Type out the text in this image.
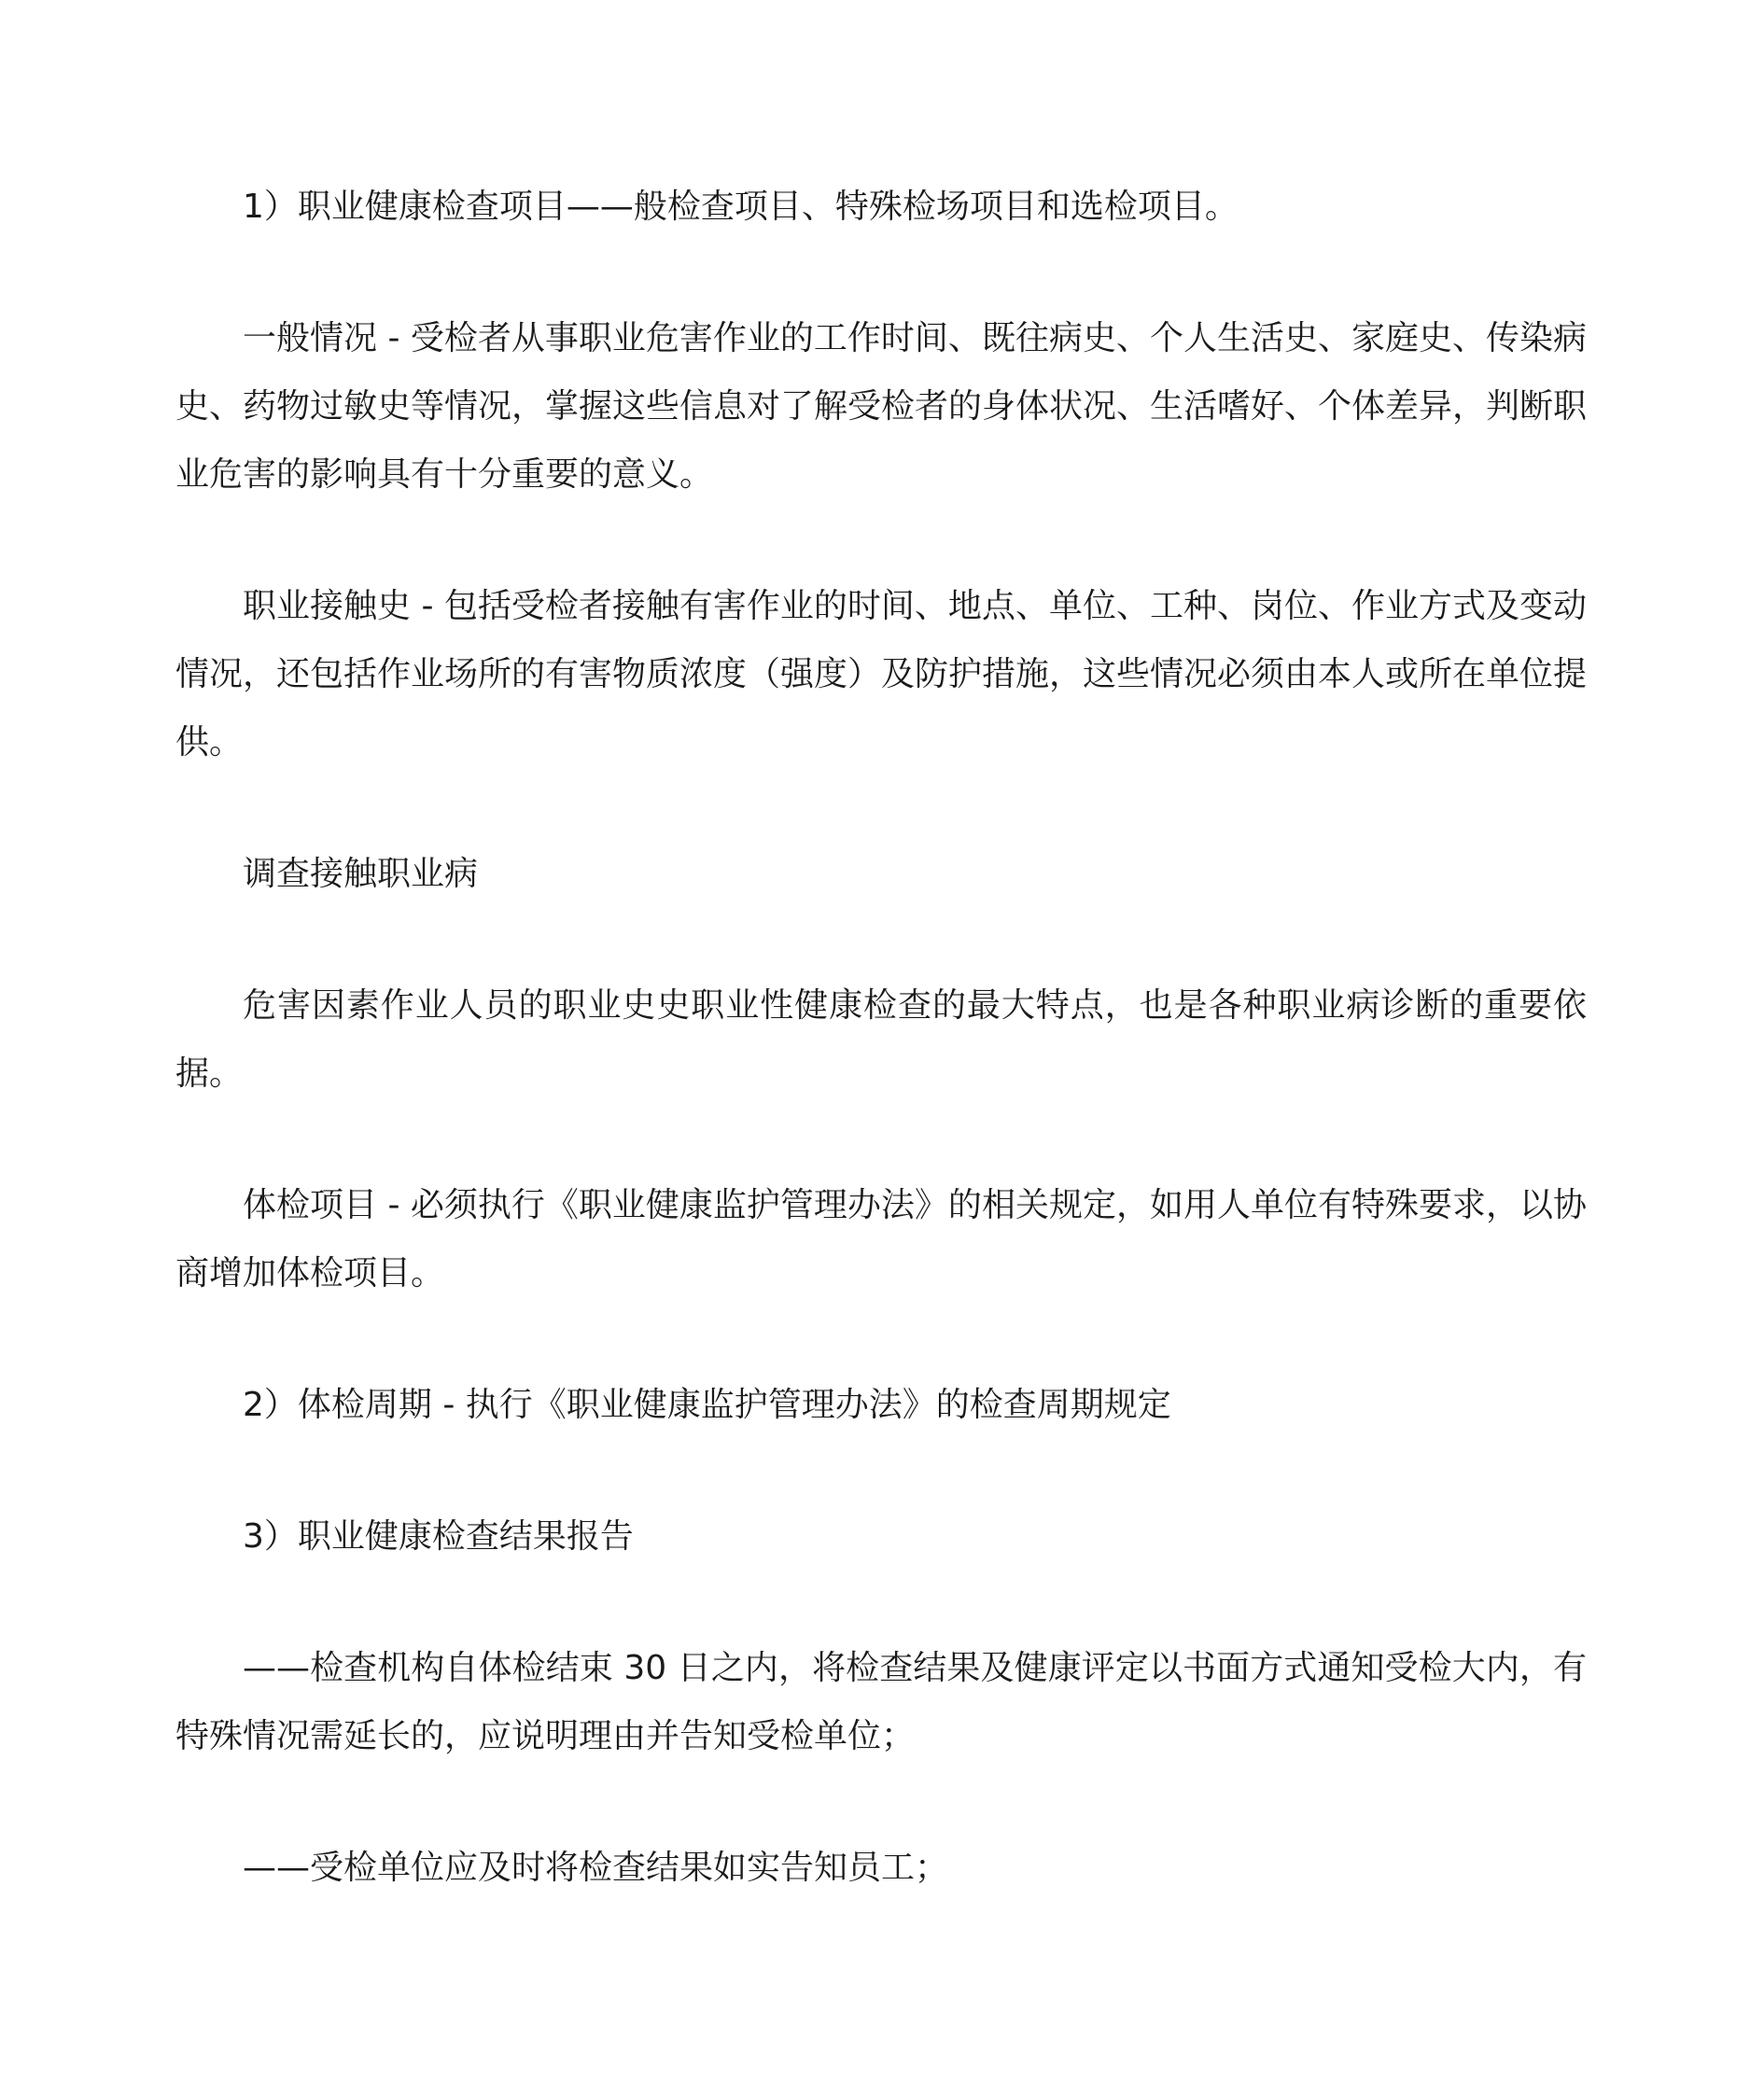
1）职业健康检查项目——般检查项目、特殊检场项目和选检项目。

一般情况 - 受检者从事职业危害作业的工作时间、既往病史、个人生活史、家庭史、传染病史、药物过敏史等情况，掌握这些信息对了解受检者的身体状况、生活嗜好、个体差异，判断职业危害的影响具有十分重要的意义。

职业接触史 - 包括受检者接触有害作业的时间、地点、单位、工种、岗位、作业方式及变动情况，还包括作业场所的有害物质浓度（强度）及防护措施，这些情况必须由本人或所在单位提供。

调查接触职业病

危害因素作业人员的职业史史职业性健康检查的最大特点，也是各种职业病诊断的重要依据。

体检项目 - 必须执行《职业健康监护管理办法》的相关规定，如用人单位有特殊要求，以协商增加体检项目。

2）体检周期 - 执行《职业健康监护管理办法》的检查周期规定

3）职业健康检查结果报告

——检查机构自体检结束 30 日之内，将检查结果及健康评定以书面方式通知受检大内，有特殊情况需延长的，应说明理由并告知受检单位；

——受检单位应及时将检查结果如实告知员工；
